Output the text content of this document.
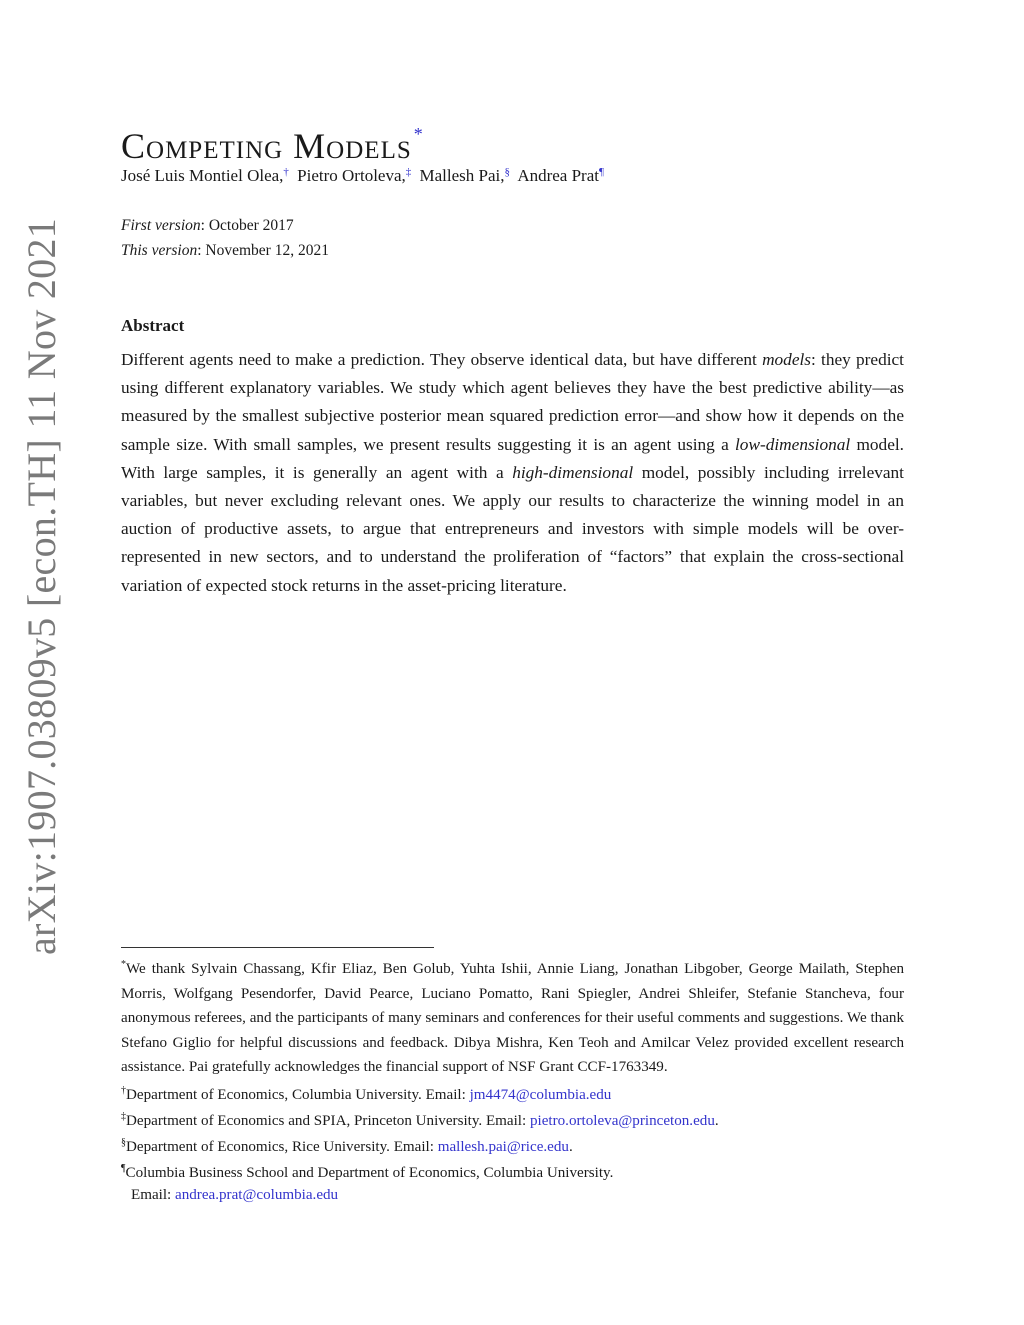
arXiv:1907.03809v5 [econ.TH] 11 Nov 2021
Competing Models *
José Luis Montiel Olea,† Pietro Ortoleva,‡ Mallesh Pai,§ Andrea Prat¶
First version: October 2017
This version: November 12, 2021
Abstract

Different agents need to make a prediction. They observe identical data, but have different models: they predict using different explanatory variables. We study which agent believes they have the best predictive ability—as measured by the smallest subjective posterior mean squared prediction error—and show how it depends on the sample size. With small samples, we present results suggesting it is an agent using a low-dimensional model. With large samples, it is generally an agent with a high-dimensional model, possibly including irrelevant variables, but never excluding relevant ones. We apply our results to characterize the winning model in an auction of productive assets, to argue that entrepreneurs and investors with simple models will be over-represented in new sectors, and to understand the proliferation of “factors” that explain the cross-sectional variation of expected stock returns in the asset-pricing literature.

*We thank Sylvain Chassang, Kfir Eliaz, Ben Golub, Yuhta Ishii, Annie Liang, Jonathan Libgober, George Mailath, Stephen Morris, Wolfgang Pesendorfer, David Pearce, Luciano Pomatto, Rani Spiegler, Andrei Shleifer, Stefanie Stancheva, four anonymous referees, and the participants of many seminars and conferences for their useful comments and suggestions. We thank Stefano Giglio for helpful discussions and feedback. Dibya Mishra, Ken Teoh and Amilcar Velez provided excellent research assistance. Pai gratefully acknowledges the financial support of NSF Grant CCF-1763349.
†Department of Economics, Columbia University. Email: jm4474@columbia.edu
‡Department of Economics and SPIA, Princeton University. Email: pietro.ortoleva@princeton.edu.
§Department of Economics, Rice University. Email: mallesh.pai@rice.edu.
¶Columbia Business School and Department of Economics, Columbia University.
Email: andrea.prat@columbia.edu
